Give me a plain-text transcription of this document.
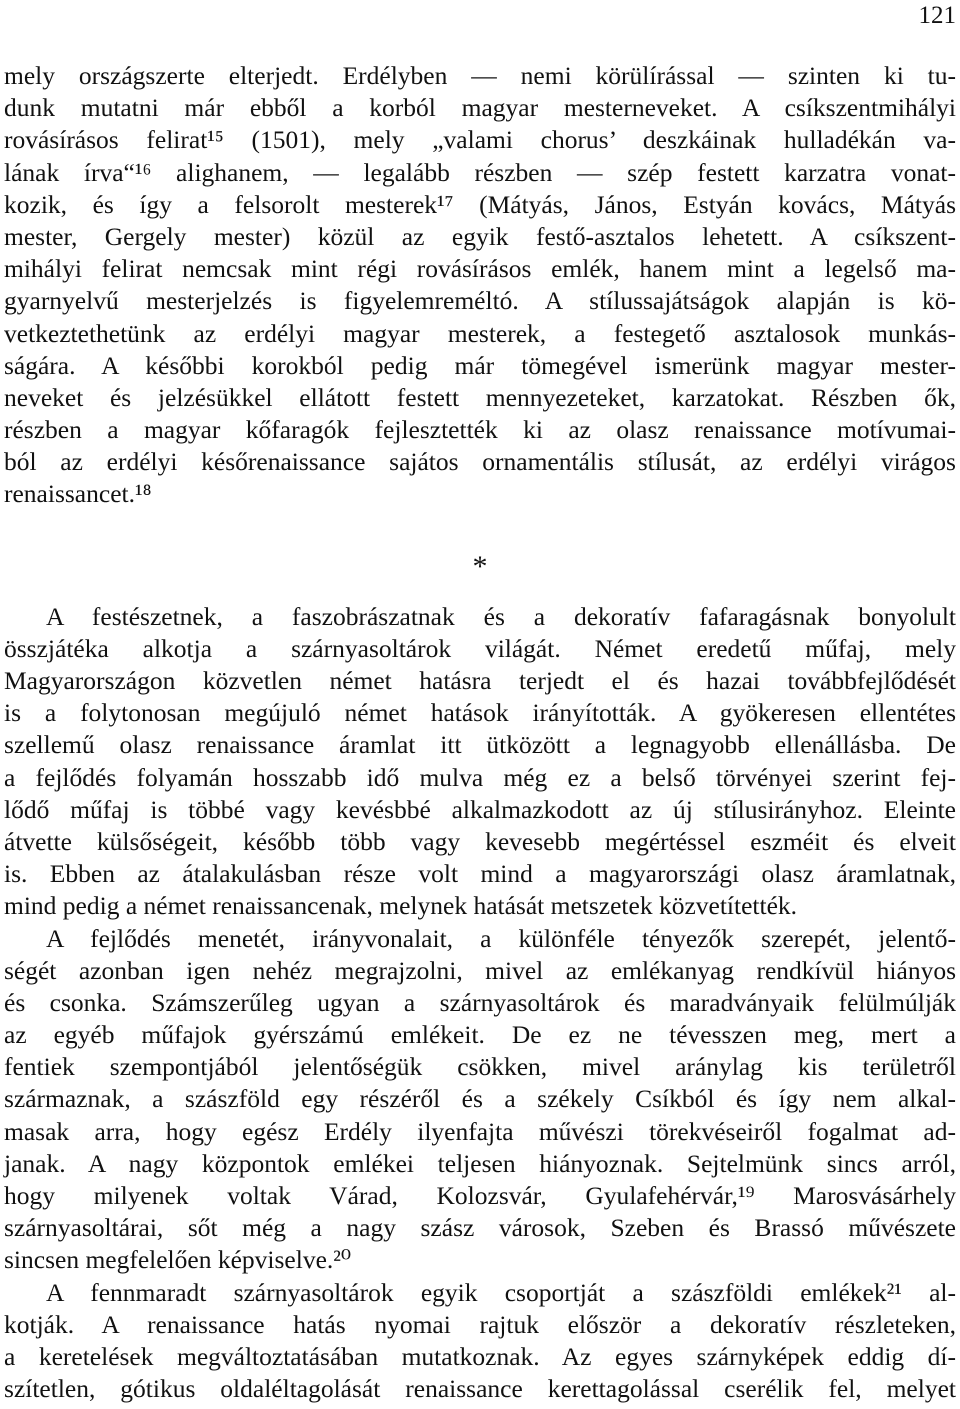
121
mely országszerte elterjedt. Erdélyben — nemi körülírással — szinten ki tu-
dunk mutatni már ebből a korból magyar mesterneveket. A csíkszentmihályi
rovásírásos felirat¹⁵ (1501), mely „valami chorus’ deszkáinak hulladékán va-
lának írva“¹⁶ alighanem, — legalább részben — szép festett karzatra vonat-
kozik, és így a felsorolt mesterek¹⁷ (Mátyás, János, Estyán kovács, Mátyás
mester, Gergely mester) közül az egyik festő-asztalos lehetett. A csíkszent-
mihályi felirat nemcsak mint régi rovásírásos emlék, hanem mint a legelső ma-
gyarnyelvű mesterjelzés is figyelemreméltó. A stílussajátságok alapján is kö-
vetkeztethetünk az erdélyi magyar mesterek, a festegető asztalosok munkás-
ságára. A későbbi korokból pedig már tömegével ismerünk magyar mester-
neveket és jelzésükkel ellátott festett mennyezeteket, karzatokat. Részben ők,
részben a magyar kőfaragók fejlesztették ki az olasz renaissance motívumai-
ból az erdélyi későrenaissance sajátos ornamentális stílusát, az erdélyi virágos
renaissancet.¹⁸
*
A festészetnek, a faszobrászatnak és a dekoratív fafaragásnak bonyolult
összjátéka alkotja a szárnyasoltárok világát. Német eredetű műfaj, mely
Magyarországon közvetlen német hatásra terjedt el és hazai továbbfejlődését
is a folytonosan megújuló német hatások irányították. A gyökeresen ellentétes
szellemű olasz renaissance áramlat itt ütközött a legnagyobb ellenállásba. De
a fejlődés folyamán hosszabb idő mulva még ez a belső törvényei szerint fej-
lődő műfaj is többé vagy kevésbbé alkalmazkodott az új stílusirányhoz. Eleinte
átvette külsőségeit, később több vagy kevesebb megértéssel eszméit és elveit
is. Ebben az átalakulásban része volt mind a magyarországi olasz áramlatnak,
mind pedig a német renaissancenak, melynek hatását metszetek közvetítették.
A fejlődés menetét, irányvonalait, a különféle tényezők szerepét, jelentő-
ségét azonban igen nehéz megrajzolni, mivel az emlékanyag rendkívül hiányos
és csonka. Számszerűleg ugyan a szárnyasoltárok és maradványaik felülmúlják
az egyéb műfajok gyérszámú emlékeit. De ez ne tévesszen meg, mert a
fentiek szempontjából jelentőségük csökken, mivel aránylag kis területről
származnak, a szászföld egy részéről és a székely Csíkból és így nem alkal-
masak arra, hogy egész Erdély ilyenfajta művészi törekvéseiről fogalmat ad-
janak. A nagy központok emlékei teljesen hiányoznak. Sejtelmünk sincs arról,
hogy milyenek voltak Várad, Kolozsvár, Gyulafehérvár,¹⁹ Marosvásárhely
szárnyasoltárai, sőt még a nagy szász városok, Szeben és Brassó művészete
sincsen megfelelően képviselve.²⁰
A fennmaradt szárnyasoltárok egyik csoportját a szászföldi emlékek²¹ al-
kotják. A renaissance hatás nyomai rajtuk először a dekoratív részleteken,
a keretelések megváltoztatásában mutatkoznak. Az egyes szárnyképek eddig dí-
szítetlen, gótikus oldaléltagolását renaissance kerettagolással cserélik fel, melyet
